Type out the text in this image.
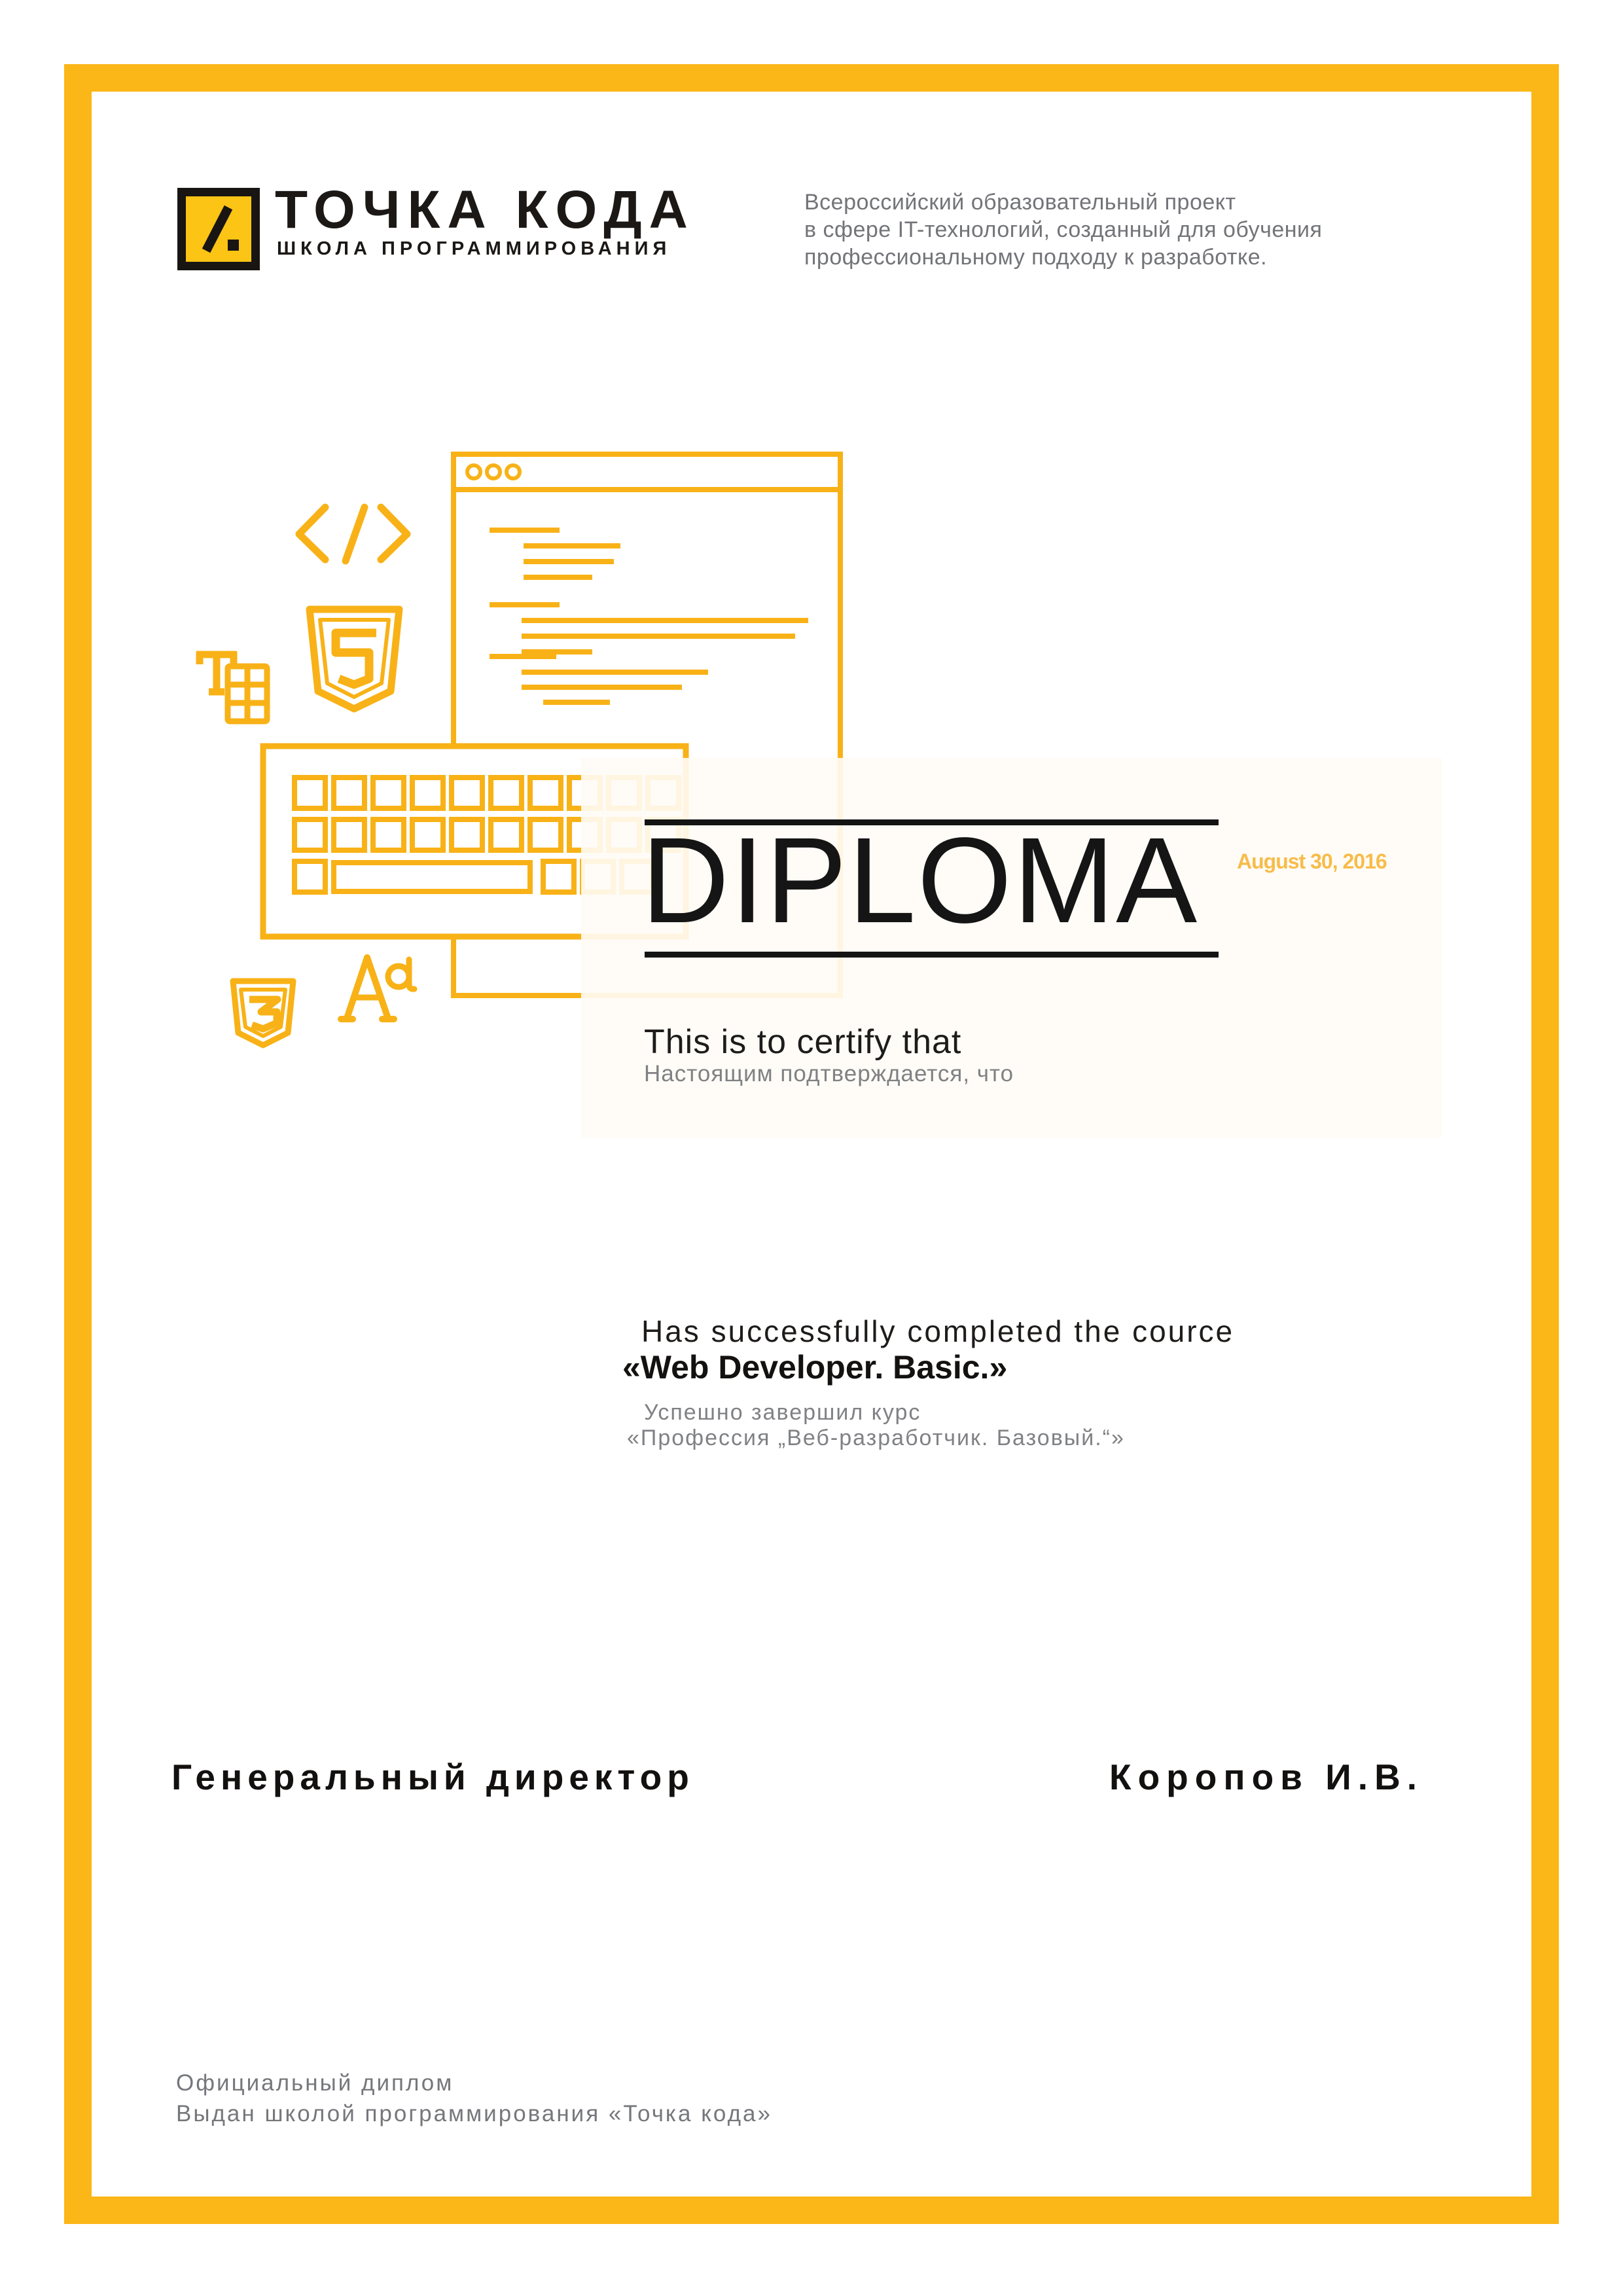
ТОЧКА КОДА
ШКОЛА ПРОГРАММИРОВАНИЯ
Всероссийский образовательный проект
в сфере IT-технологий, созданный для обучения
профессиональному подходу к разработке.
DIPLOMA August 30, 2016
This is to certify that
Настоящим подтверждается, что
Has successfully completed the cource
«Web Developer. Basic.»
Успешно завершил курс
«Профессия „Веб-разработчик. Базовый.“»
Генеральный директор	Коропов И.В.
Официальный диплом
Выдан школой программирования «Точка кода»
